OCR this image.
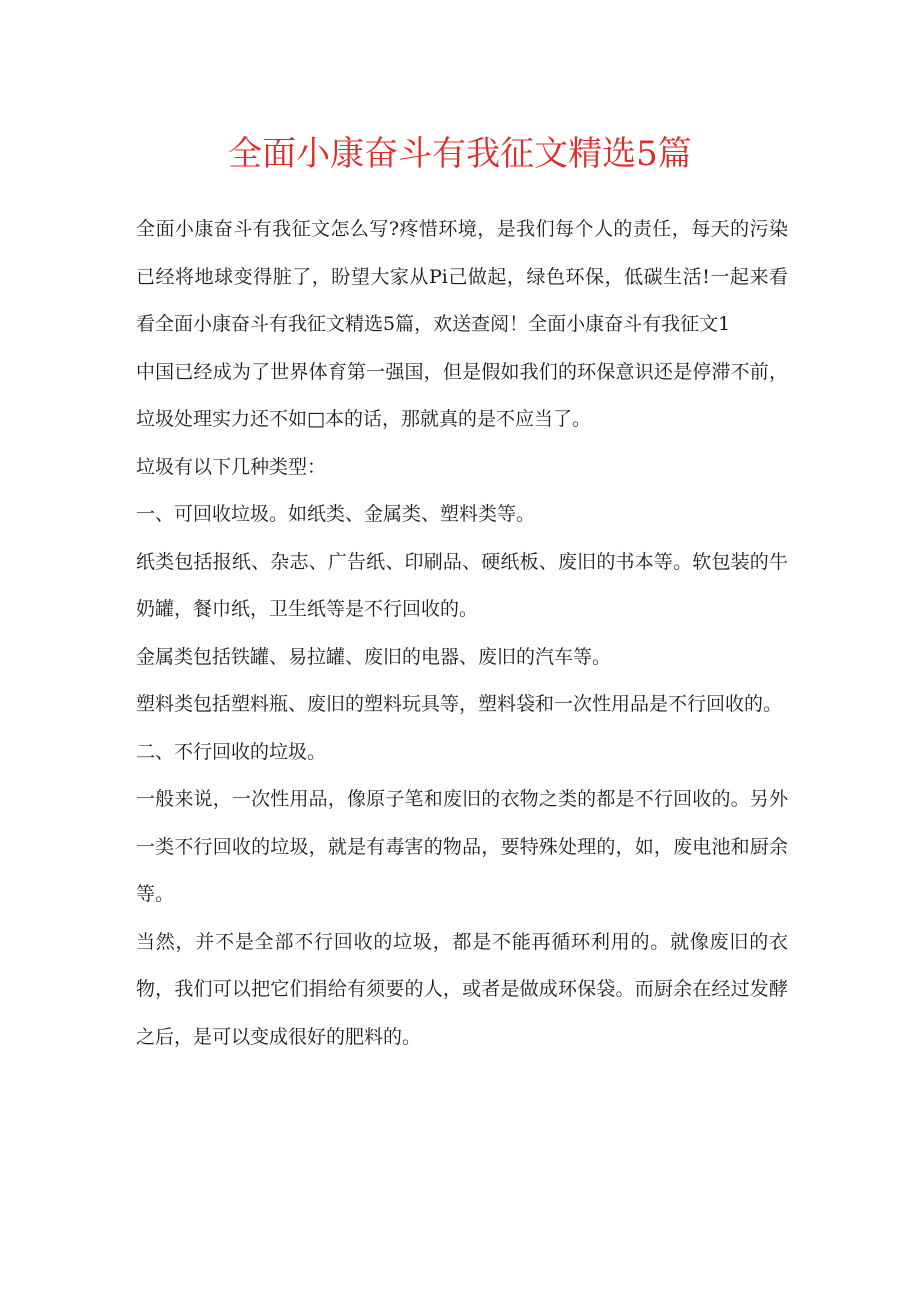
全面小康奋斗有我征文精选5篇

全面小康奋斗有我征文怎么写?疼惜环境，是我们每个人的责任，每天的污染已经将地球变得脏了，盼望大家从Pi己做起，绿色环保，低碳生活!一起来看看全面小康奋斗有我征文精选5篇，欢送查阅！全面小康奋斗有我征文1

中国已经成为了世界体育第一强国，但是假如我们的环保意识还是停滞不前，垃圾处理实力还不如□本的话，那就真的是不应当了。

垃圾有以下几种类型：

一、可回收垃圾。如纸类、金属类、塑料类等。

纸类包括报纸、杂志、广告纸、印刷品、硬纸板、废旧的书本等。软包装的牛奶罐，餐巾纸，卫生纸等是不行回收的。

金属类包括铁罐、易拉罐、废旧的电器、废旧的汽车等。

塑料类包括塑料瓶、废旧的塑料玩具等，塑料袋和一次性用品是不行回收的。

二、不行回收的垃圾。

一般来说，一次性用品，像原子笔和废旧的衣物之类的都是不行回收的。另外一类不行回收的垃圾，就是有毒害的物品，要特殊处理的，如，废电池和厨余等。

当然，并不是全部不行回收的垃圾，都是不能再循环利用的。就像废旧的衣物，我们可以把它们捐给有须要的人，或者是做成环保袋。而厨余在经过发酵之后，是可以变成很好的肥料的。
